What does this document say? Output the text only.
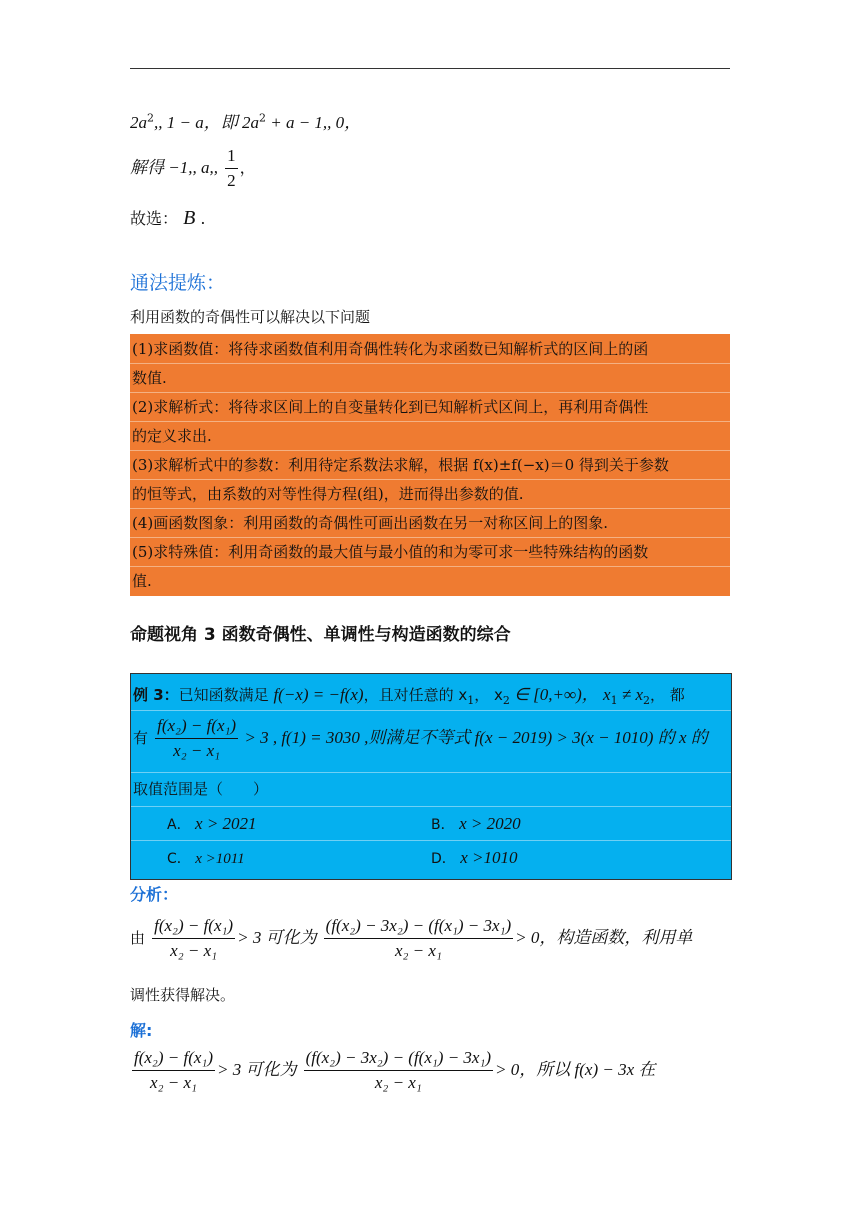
$2a^2$,, 1 − a，即 $2a^2 + a - 1$,, 0，
解得 −1,, a,, $\frac{1}{2}$ ，
故选： B .
通法提炼：
利用函数的奇偶性可以解决以下问题
(1)求函数值：将待求函数值利用奇偶性转化为求函数已知解析式的区间上的函
数值.
(2)求解析式：将待求区间上的自变量转化到已知解析式区间上，再利用奇偶性
的定义求出.
(3)求解析式中的参数：利用待定系数法求解，根据 f(x)±f(−x)＝0 得到关于参数
的恒等式，由系数的对等性得方程(组)，进而得出参数的值.
(4)画函数图象：利用函数的奇偶性可画出函数在另一对称区间上的图象.
(5)求特殊值：利用奇函数的最大值与最小值的和为零可求一些特殊结构的函数
值.
命题视角 3 函数奇偶性、单调性与构造函数的综合
例 3：已知函数满足 f(−x) = −f(x)，且对任意的 $x_1$， $x_2$ ∈ [0,+∞)， $x_1 \ne x_2$， 都
有 $\frac{\text{f(x₂) − f(x₁)}}{\text{x₂ − x₁}} > 3$ , f(1) = 3030 ,则满足不等式 f(x − 2019) > 3(x − 1010) 的 x 的
取值范围是（　　）
A． x > 2021	B． x > 2020
C． x >1011	D． x >1010
分析：
由 $\frac{\text{f(x₂) − f(x₁)}}{\text{x₂ − x₁}} > 3$ 可化为 $\frac{\text{(f(x₂) − 3x₂) − (f(x₁) − 3x₁)}}{\text{x₂ − x₁}} > 0$，构造函数，利用单
调性获得解决。
解:
$\frac{\text{f(x₂) − f(x₁)}}{\text{x₂ − x₁}} > 3$ 可化为 $\frac{\text{(f(x₂) − 3x₂) − (f(x₁) − 3x₁)}}{\text{x₂ − x₁}} > 0$，所以 f(x) − 3x 在
